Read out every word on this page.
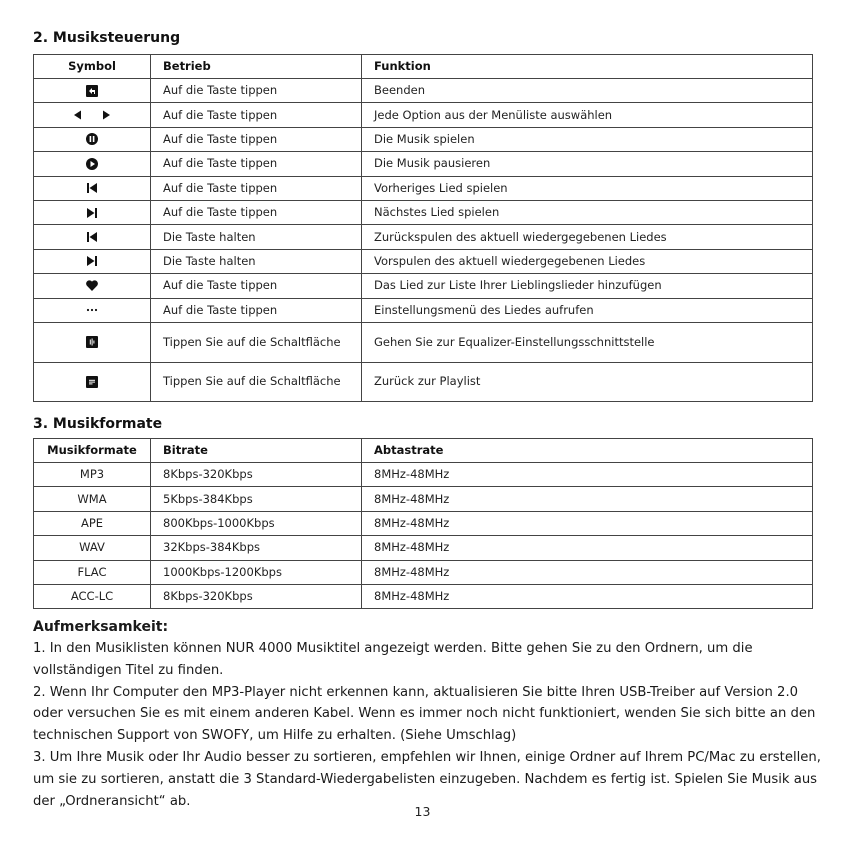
2. Musiksteuerung
Symbol	Betrieb	Funktion

	Auf die Taste tippen	Beenden

	Auf die Taste tippen	Jede Option aus der Menüliste auswählen

	Auf die Taste tippen	Die Musik spielen

	Auf die Taste tippen	Die Musik pausieren

	Auf die Taste tippen	Vorheriges Lied spielen

	Auf die Taste tippen	Nächstes Lied spielen

	Die Taste halten	Zurückspulen des aktuell wiedergegebenen Liedes

	Die Taste halten	Vorspulen des aktuell wiedergegebenen Liedes

	Auf die Taste tippen	Das Lied zur Liste Ihrer Lieblingslieder hinzufügen

	Auf die Taste tippen	Einstellungsmenü des Liedes aufrufen

	Tippen Sie auf die Schaltfläche	Gehen Sie zur Equalizer-Einstellungsschnittstelle

	Tippen Sie auf die Schaltfläche	Zurück zur Playlist
3. Musikformate
Musikformate	Bitrate	Abtastrate
MP3	8Kbps-320Kbps	8MHz-48MHz
WMA	5Kbps-384Kbps	8MHz-48MHz
APE	800Kbps-1000Kbps	8MHz-48MHz
WAV	32Kbps-384Kbps	8MHz-48MHz
FLAC	1000Kbps-1200Kbps	8MHz-48MHz
ACC-LC	8Kbps-320Kbps	8MHz-48MHz
Aufmerksamkeit:

1. In den Musiklisten können NUR 4000 Musiktitel angezeigt werden. Bitte gehen Sie zu den Ordnern, um die vollständigen Titel zu finden.

2. Wenn Ihr Computer den MP3-Player nicht erkennen kann, aktualisieren Sie bitte Ihren USB-Treiber auf Version 2.0 oder versuchen Sie es mit einem anderen Kabel. Wenn es immer noch nicht funktioniert, wenden Sie sich bitte an den technischen Support von SWOFY, um Hilfe zu erhalten. (Siehe Umschlag)

3. Um Ihre Musik oder Ihr Audio besser zu sortieren, empfehlen wir Ihnen, einige Ordner auf Ihrem PC/Mac zu erstellen, um sie zu sortieren, anstatt die 3 Standard-Wiedergabelisten einzugeben. Nachdem es fertig ist. Spielen Sie Musik aus der „Ordneransicht“ ab.

13
